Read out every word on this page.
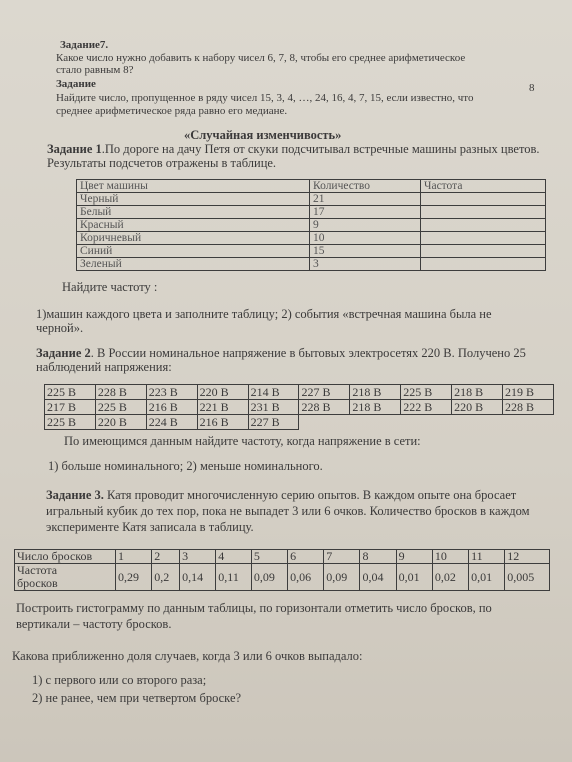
Задание7.
Какое число нужно добавить к набору чисел 6, 7, 8, чтобы его среднее арифметическое
стало равным 8?
Задание	8
Найдите число, пропущенное в ряду чисел 15, 3, 4, …, 24, 16, 4, 7, 15, если известно, что
среднее арифметическое ряда равно его медиане.
«Случайная изменчивость»
Задание 1.По дороге на дачу Петя от скуки подсчитывал встречные машины разных цветов.
Результаты подсчетов отражены в таблице.
Цвет машины	Количество	Частота
Черный	21	
Белый	17	
Красный	9	
Коричневый	10	
Синий	15	
Зеленый	3	
Найдите частоту :
1)машин каждого цвета и заполните таблицу; 2) события «встречная машина была не
черной».
Задание 2. В России номинальное напряжение в бытовых электросетях 220 В. Получено 25
наблюдений напряжения:
225 В	228 В	223 В	220 В	214 В	227 В	218 В	225 В	218 В	219 В
217 В	225 В	216 В	221 В	231 В	228 В	218 В	222 В	220 В	228 В
225 В	220 В	224 В	216 В	227 В					
По имеющимся данным найдите частоту, когда напряжение в сети:
1) больше номинального; 2) меньше номинального.
Задание 3. Катя проводит многочисленную серию опытов. В каждом опыте она бросает
игральный кубик до тех пор, пока не выпадет 3 или 6 очков. Количество бросков в каждом
эксперименте Катя записала в таблицу.
Число бросков	1	2	3	4	5	6	7	8	9	10	11	12
Частота
бросков	0,29	0,2	0,14	0,11	0,09	0,06	0,09	0,04	0,01	0,02	0,01	0,005
Построить гистограмму по данным таблицы, по горизонтали отметить число бросков, по
вертикали – частоту бросков.
Какова приближенно доля случаев, когда 3 или 6 очков выпадало:
1) с первого или со второго раза;
2) не ранее, чем при четвертом броске?
